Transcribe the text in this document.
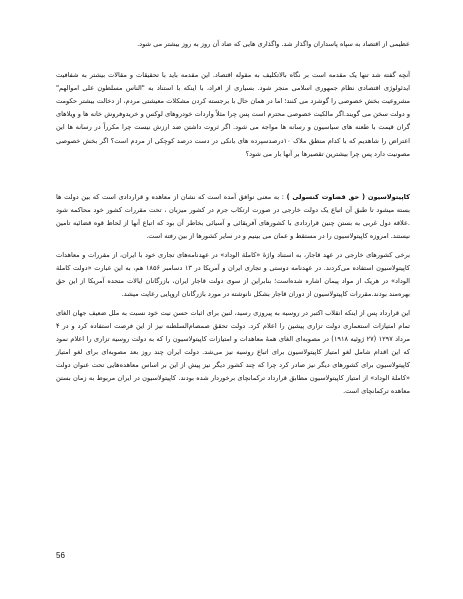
عظیمی از اقتصاد به سپاه پاسداران واگذار شد. واگذاری هایی که ضاد آن روز به روز بیشتر می شود.

آنچه گفته شد تنها یک مقدمه است بر نگاه بالاتکلیف به مقوله اقتصاد. این مقدمه باید با تحقیقات و مقالات بیشتر به شفافیت ایدئولوژی اقتصادی نظام جمهوری اسلامی منجر شود. بسیاری از افراد، با اینکه با استناد به "الناس مسلطون علی اموالهم" مشروعیت بخش خصوصی را گوشزد می کنند؛ اما در همان حال با برجسته کردن مشکلات معیشتی مردم، از دخالت بیشتر حکومت و دولت سخن می گویند.اگر مالکیت خصوصی محترم است پس چرا مثلاً واردات خودروهای لوکس و خریدوفروش خانه ها و ویلاهای گران قیمت با طعنه های سیاسیون و رسانه ها مواجه می شود. اگر ثروت داشتن ضد ارزش نیست چرا مکرراً در رسانه ها این اعتراض را شاهدیم که با کدام منطق ملاک ۱۰درصدسپرده های بانکی در دست درصد کوچکی از مردم است؟ اگر بخش خصوصی مصونیت دارد پس چرا بیشترین تقصیرها بر آنها بار می شود؟

کاپیتولاسیون ( حق قضاوت کنسولی ) : به معنی توافق آمده است که نشان از معاهده و قراردادی است که بین دولت ها بسته میشود تا طبق آن اتباع یک دولت خارجی در صورت ارتکاب جرم در کشور میزبان ، تحت مقررات کشور خود محاکمه شود .علاقه دول غربی به بستن چنین قراردادی با کشورهای آفریقائی و آسیائی بخاطر آن بود که اتباع آنها از لحاظ قوه قضائیه تامین نیستند. امروزه کاپیتولاسیون را در مستقط و عمان می بینیم و در سایر کشورها از بین رفته است.

برخی کشورهای خارجی در عهد قاجار، به استناد واژهٔ «کاملة الوداد» در عهدنامه‌های تجاری خود با ایران، از مقررات و معاهدات کاپیتولاسیون استفاده می‌کردند. در عهدنامه دوستی و تجاری ایران و آمریکا در ۱۳ دسامبر ۱۸۵۶ هم، به این عبارت «دولت کاملة الوداد» در هریک از مواد پیمان اشاره شده‌است؛ بنابراین از سوی دولت قاجار ایران، بازرگانان ایالات متحده آمریکا از این حق بهره‌مند بودند.مقررات کاپیتولاسیون از دوران قاجار بشکل نانوشته در مورد بازرگانان اروپایی رعایت میشد.

این قرارداد پس از اینکه انقلاب اکتبر در روسیه به پیروزی رسید، لنین برای اثبات حسن نیت خود نسبت به ملل ضعیف جهان الغای تمام امتیازات استعماری دولت تزاری پیشین را اعلام کرد. دولت تحقق صمصام‌السلطنه نیز از این فرصت استفاده کرد و در ۴ مرداد ۱۲۹۷ (۲۷ ژوئیه ۱۹۱۸) در مصوبه‌ای الغای همهٔ معاهدات و امتیازات کاپیتولاسیون را که به دولت روسیه تزاری را اعلام نمود که این اقدام شامل لغو امتیاز کاپیتولاسیون برای اتباع روسیه نیز می‌شد. دولت ایران چند روز بعد مصوبه‌ای برای لغو امتیاز کاپیتولاسیون برای کشورهای دیگر نیز صادر کرد چرا که چند کشور دیگر نیز پیش از این بر اساس معاهده‌هایی تحت عنوان دولت «کاملة الوداد» از امتیاز کاپیتولاسیون مطابق قرارداد ترکمانچای برخوردار شده بودند. کاپیتولاسیون در ایران مربوط به زمان بستن معاهده ترکمانچای است.

56
